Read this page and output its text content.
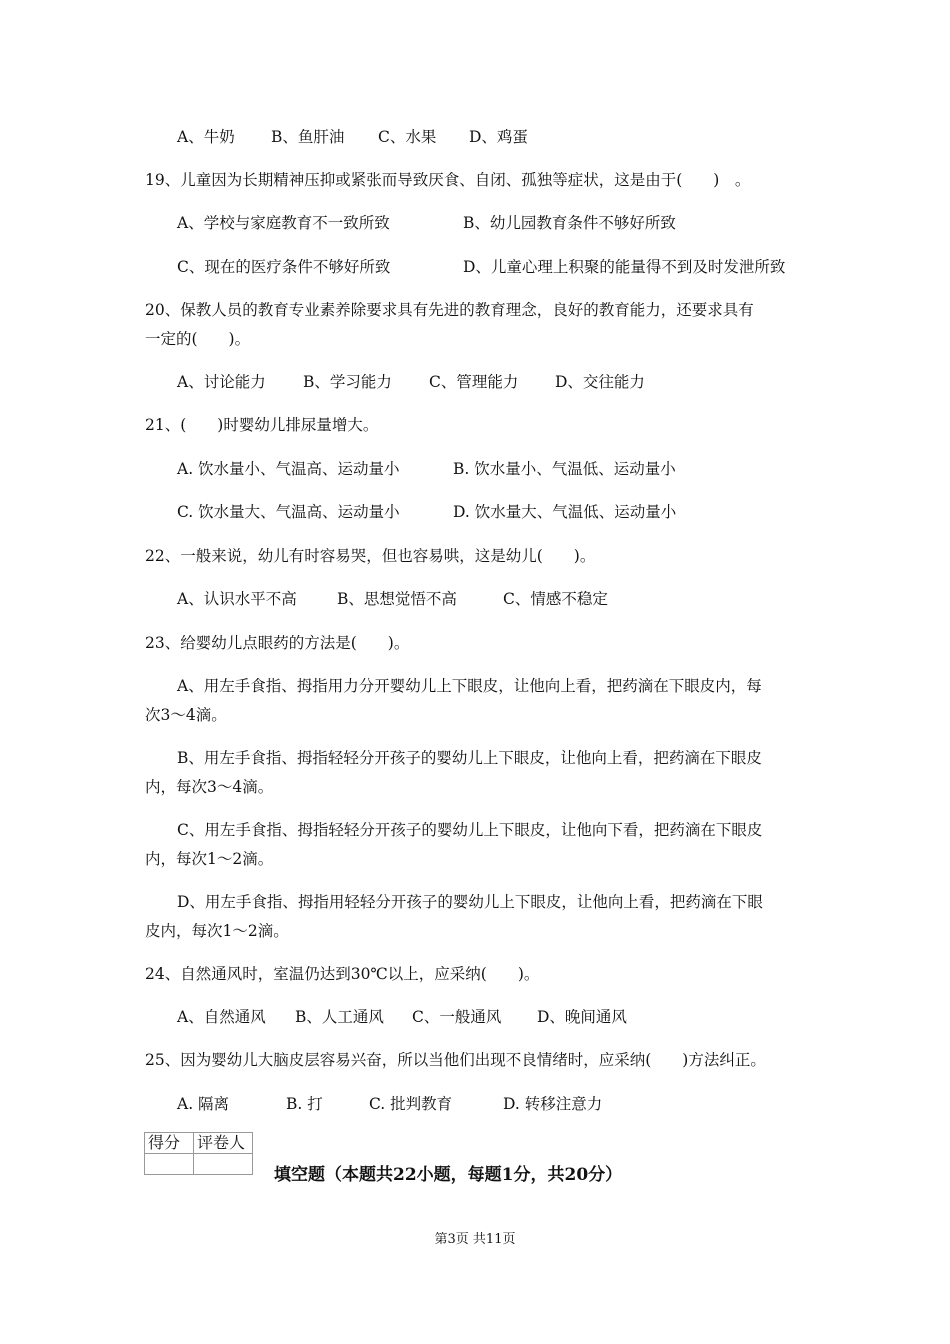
A、牛奶 B、鱼肝油 C、水果 D、鸡蛋
19、儿童因为长期精神压抑或紧张而导致厌食、自闭、孤独等症状，这是由于(　　)　。
A、学校与家庭教育不一致所致	B、幼儿园教育条件不够好所致
C、现在的医疗条件不够好所致	D、儿童心理上积聚的能量得不到及时发泄所致
20、保教人员的教育专业素养除要求具有先进的教育理念，良好的教育能力，还要求具有
一定的(　　)。
A、讨论能力 B、学习能力 C、管理能力 D、交往能力
21、(　　)时婴幼儿排尿量增大。
A. 饮水量小、气温高、运动量小	B. 饮水量小、气温低、运动量小
C. 饮水量大、气温高、运动量小	D. 饮水量大、气温低、运动量小
22、一般来说，幼儿有时容易哭，但也容易哄，这是幼儿(　　)。
A、认识水平不高	B、思想觉悟不高	C、情感不稳定
23、给婴幼儿点眼药的方法是(　　)。
A、用左手食指、拇指用力分开婴幼儿上下眼皮，让他向上看，把药滴在下眼皮内，每
次3～4滴。
B、用左手食指、拇指轻轻分开孩子的婴幼儿上下眼皮，让他向上看，把药滴在下眼皮
内，每次3～4滴。
C、用左手食指、拇指轻轻分开孩子的婴幼儿上下眼皮，让他向下看，把药滴在下眼皮
内，每次1～2滴。
D、用左手食指、拇指用轻轻分开孩子的婴幼儿上下眼皮，让他向上看，把药滴在下眼
皮内，每次1～2滴。
24、自然通风时，室温仍达到30℃以上，应采纳(　　)。
A、自然通风 B、人工通风 C、一般通风 D、晚间通风
25、因为婴幼儿大脑皮层容易兴奋，所以当他们出现不良情绪时，应采纳(　　)方法纠正。
A. 隔离	B. 打	C. 批判教育	D. 转移注意力
得分	评卷人

填空题（本题共22小题，每题1分，共20分）
第3页 共11页
